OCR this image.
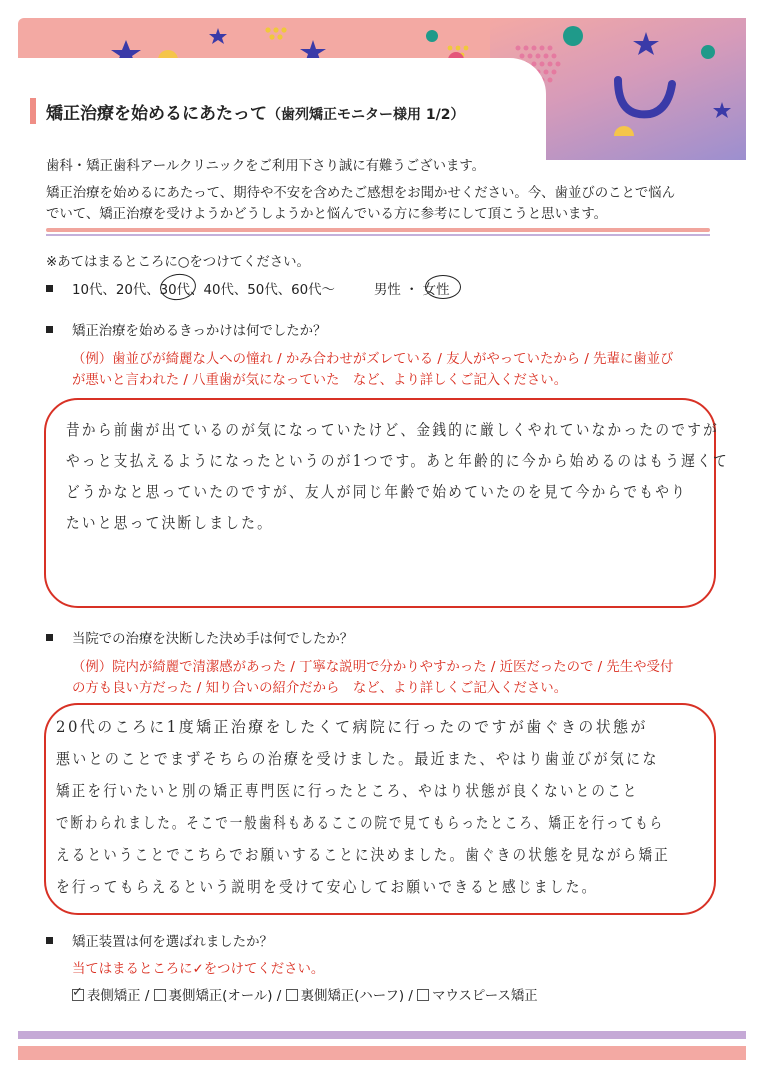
矯正治療を始めるにあたって（歯列矯正モニター様用 1/2）
歯科・矯正歯科アールクリニックをご利用下さり誠に有難うございます。
矯正治療を始めるにあたって、期待や不安を含めたご感想をお聞かせください。今、歯並びのことで悩ん
でいて、矯正治療を受けようかどうしようかと悩んでいる方に参考にして頂こうと思います。
※あてはまるところに○をつけてください。
10代、20代、30代、40代、50代、60代～	男性 ・ 女性
矯正治療を始めるきっかけは何でしたか？
（例）歯並びが綺麗な人への憧れ / かみ合わせがズレている / 友人がやっていたから / 先輩に歯並び
が悪いと言われた / 八重歯が気になっていた　など、より詳しくご記入ください。
昔から前歯が出ているのが気になっていたけど、金銭的に厳しくやれていなかったのですが
やっと支払えるようになったというのが1つです。あと年齢的に今から始めるのはもう遅くて
どうかなと思っていたのですが、友人が同じ年齢で始めていたのを見て今からでもやり
たいと思って決断しました。
当院での治療を決断した決め手は何でしたか？
（例）院内が綺麗で清潔感があった / 丁寧な説明で分かりやすかった / 近医だったので / 先生や受付
の方も良い方だった / 知り合いの紹介だから　など、より詳しくご記入ください。
20代のころに1度矯正治療をしたくて病院に行ったのですが歯ぐきの状態が
悪いとのことでまずそちらの治療を受けました。最近また、やはり歯並びが気にな
矯正を行いたいと別の矯正専門医に行ったところ、やはり状態が良くないとのこと
で断わられました。そこで一般歯科もあるここの院で見てもらったところ、矯正を行ってもら
えるということでこちらでお願いすることに決めました。歯ぐきの状態を見ながら矯正
を行ってもらえるという説明を受けて安心してお願いできると感じました。
矯正装置は何を選ばれましたか？
当てはまるところに✓をつけてください。
✓ 表側矯正 / 裏側矯正(オール) / 裏側矯正(ハーフ) / マウスピース矯正
